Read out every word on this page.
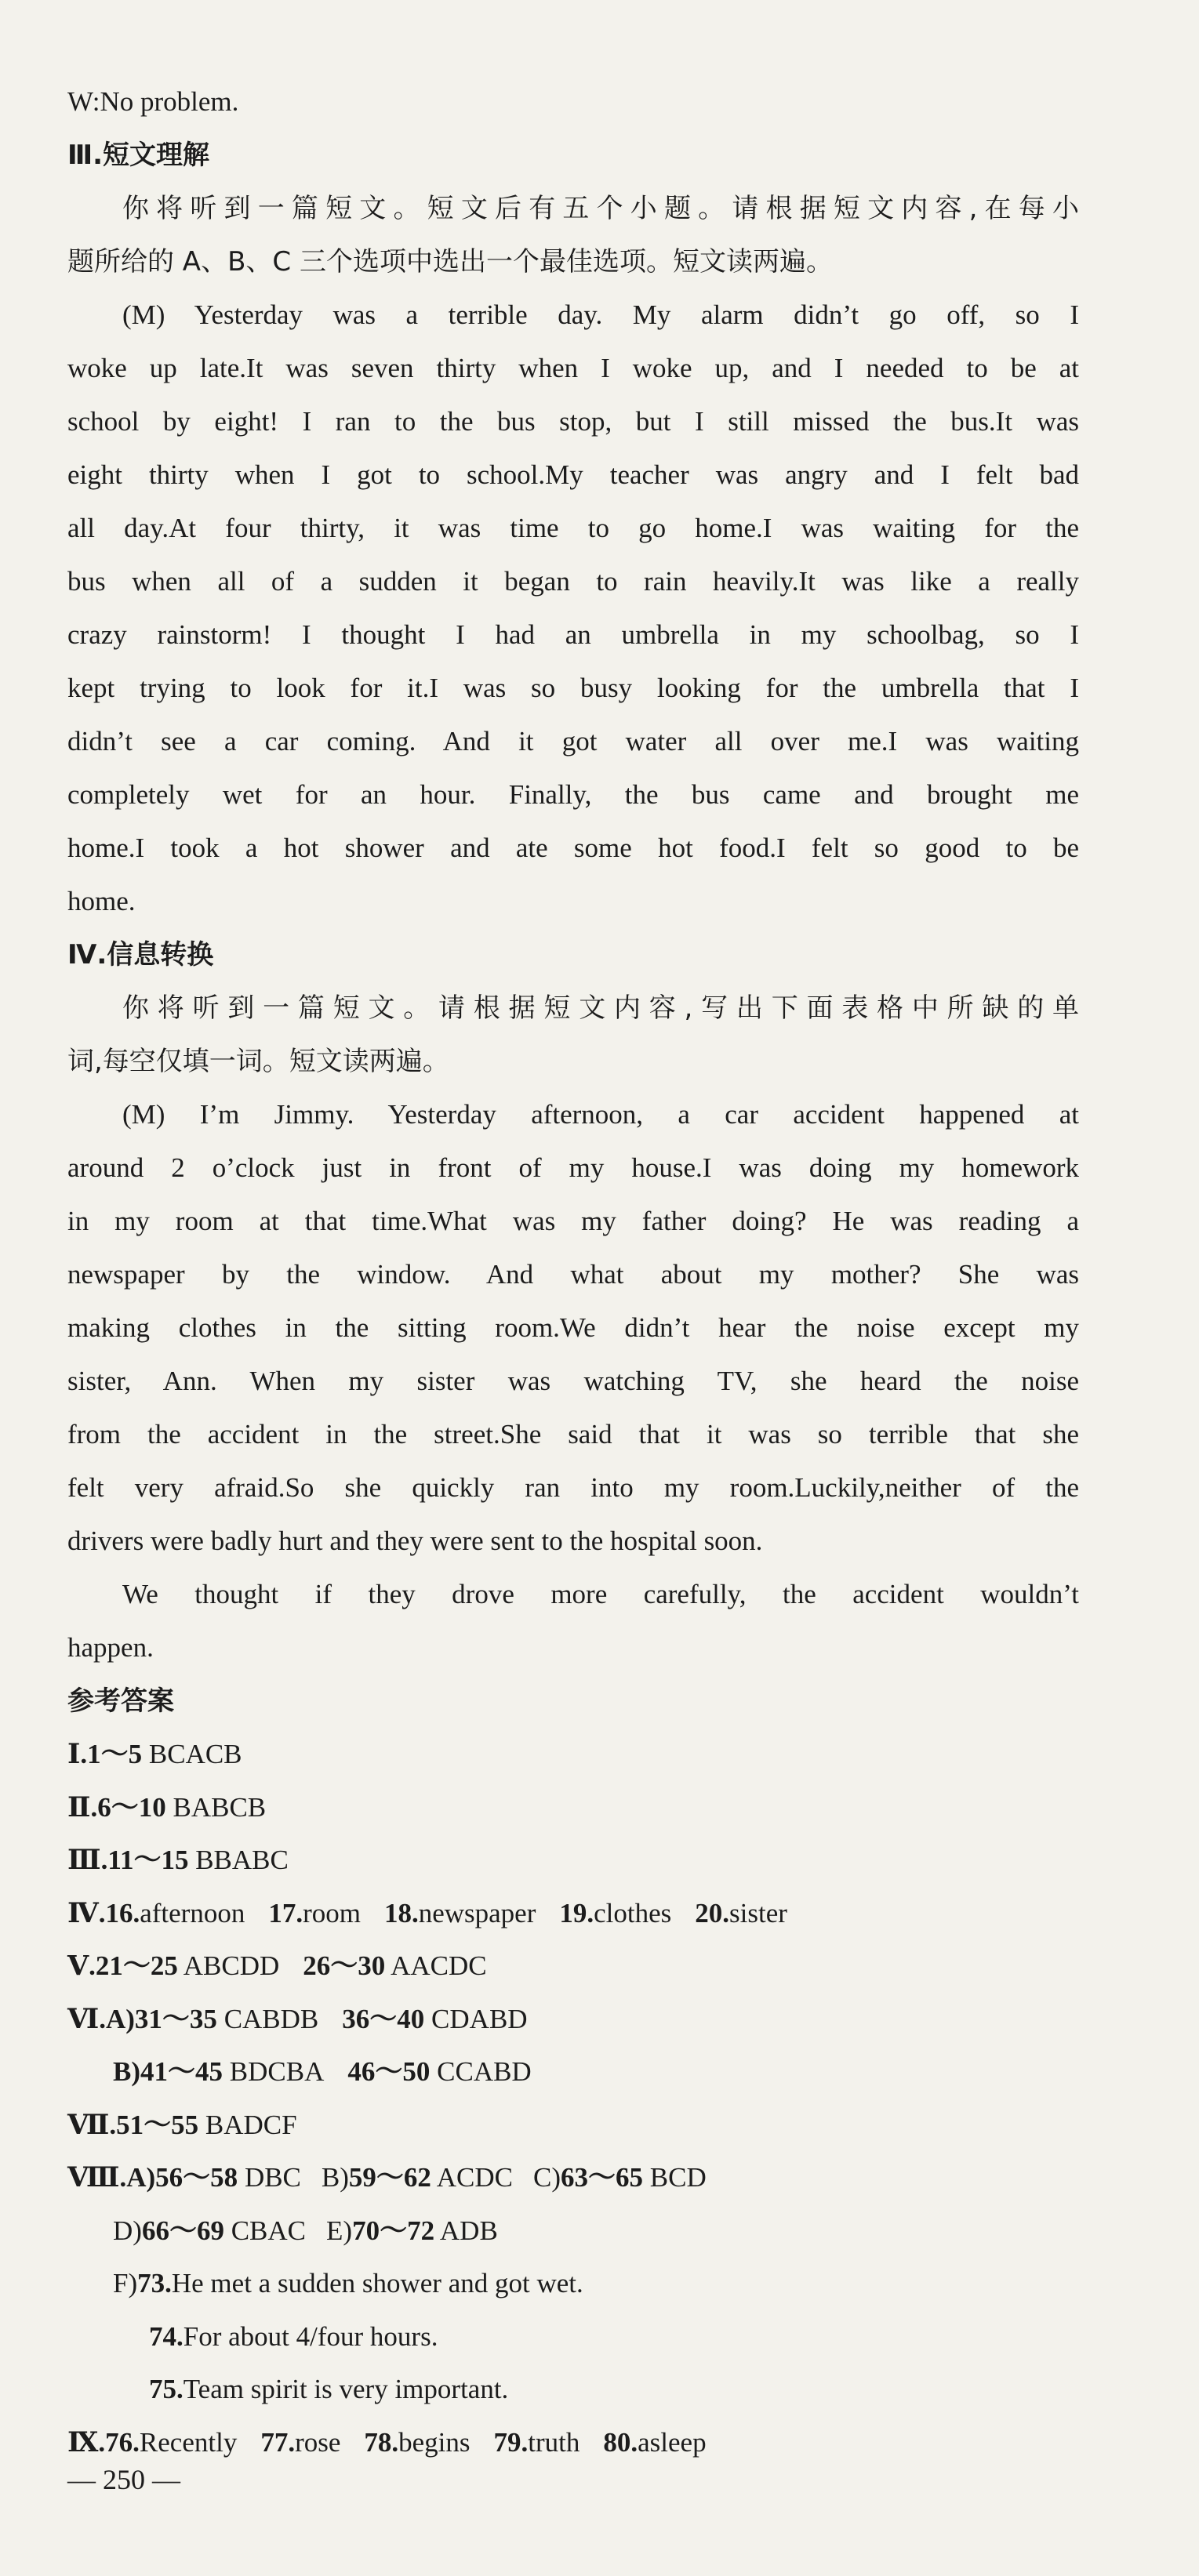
W:No problem.

Ⅲ.短文理解

你将听到一篇短文。短文后有五个小题。请根据短文内容,在每小

题所给的 A、B、C 三个选项中选出一个最佳选项。短文读两遍。

(M) Yesterday was a terrible day. My alarm didn’t go off, so I

woke up late.It was seven thirty when I woke up, and I needed to be at

school by eight! I ran to the bus stop, but I still missed the bus.It was

eight thirty when I got to school.My teacher was angry and I felt bad

all day.At four thirty, it was time to go home.I was waiting for the

bus when all of a sudden it began to rain heavily.It was like a really

crazy rainstorm! I thought I had an umbrella in my schoolbag, so I

kept trying to look for it.I was so busy looking for the umbrella that I

didn’t see a car coming. And it got water all over me.I was waiting

completely wet for an hour. Finally, the bus came and brought me

home.I took a hot shower and ate some hot food.I felt so good to be

home.

Ⅳ.信息转换

你将听到一篇短文。请根据短文内容,写出下面表格中所缺的单

词,每空仅填一词。短文读两遍。

(M) I’m Jimmy. Yesterday afternoon, a car accident happened at

around 2 o’clock just in front of my house.I was doing my homework

in my room at that time.What was my father doing? He was reading a

newspaper by the window. And what about my mother? She was

making clothes in the sitting room.We didn’t hear the noise except my

sister, Ann. When my sister was watching TV, she heard the noise

from the accident in the street.She said that it was so terrible that she

felt very afraid.So she quickly ran into my room.Luckily,neither of the

drivers were badly hurt and they were sent to the hospital soon.

We thought if they drove more carefully, the accident wouldn’t

happen.

参考答案

Ⅰ.1～5 BCACB

Ⅱ.6～10 BABCB

Ⅲ.11～15 BBABC

Ⅳ.16.afternoon 17.room 18.newspaper 19.clothes 20.sister

Ⅴ.21～25 ABCDD 26～30 AACDC

Ⅵ.A)31～35 CABDB 36～40 CDABD

B)41～45 BDCBA 46～50 CCABD

Ⅶ.51～55 BADCF

Ⅷ.A)56～58 DBC B)59～62 ACDC C)63～65 BCD

D)66～69 CBAC E)70～72 ADB

F)73.He met a sudden shower and got wet.

74.For about 4/four hours.

75.Team spirit is very important.

Ⅸ.76.Recently 77.rose 78.begins 79.truth 80.asleep

— 250 —
